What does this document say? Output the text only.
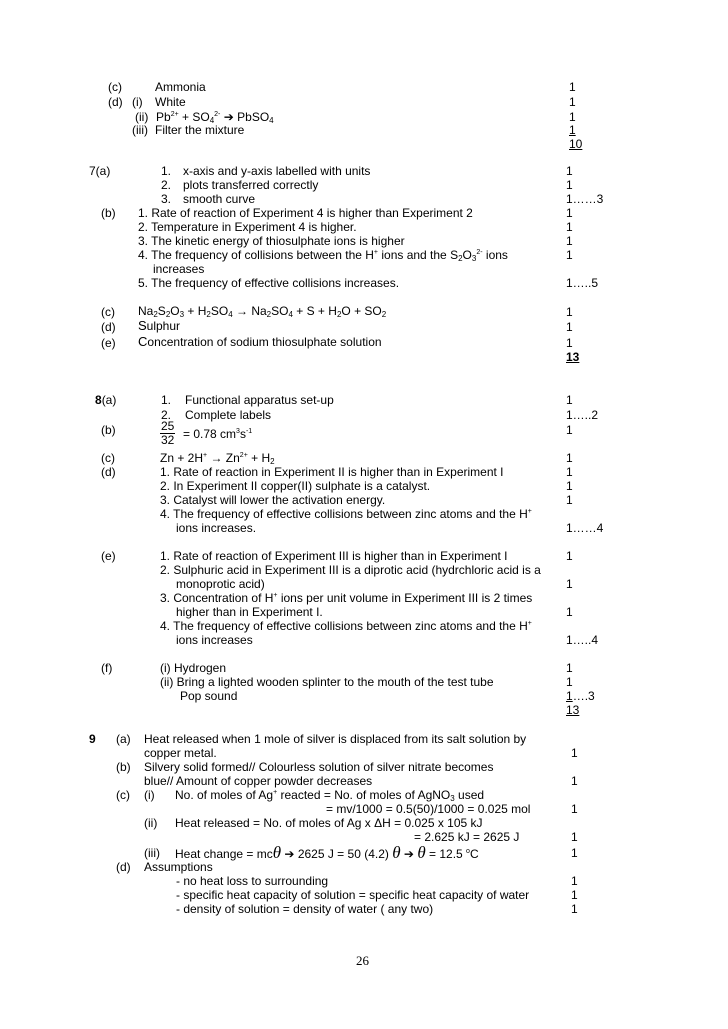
(c)	Ammonia	1
(d) (i) White	1
(ii) $Pb^{2+} + SO_4^{2-}$ ➔ PbSO$_4$	1
(iii) Filter the mixture	1
10
7(a)	1. x-axis and y-axis labelled with units	1
2. plots transferred correctly	1
3. smooth curve	1……3
(b) 1. Rate of reaction of Experiment 4 is higher than Experiment 2	1
2. Temperature in Experiment 4 is higher.	1
3. The kinetic energy of thiosulphate ions is higher	1
4. The frequency of collisions between the H+ ions and the $S_2O_3^{2-}$ ions	1
increases
5. The frequency of effective collisions increases.	1…..5
(c) $Na_2S_2O_3 + H_2SO_4 \to Na_2SO_4 + S + H_2O + SO_2$	1
(d) Sulphur	1
(e) Concentration of sodium thiosulphate solution	1
13
8(a)	1. Functional apparatus set-up	1
2. Complete labels	1…..2
(b)	$\frac{25}{32} = 0.78$ $cm^3s^{-1}$	1
(c)	$Zn + 2H^+ \to Zn^{2+} + H_2$	1
(d)	1. Rate of reaction in Experiment II is higher than in Experiment I	1
2. In Experiment II copper(II) sulphate is a catalyst.	1
3. Catalyst will lower the activation energy.	1
4. The frequency of effective collisions between zinc atoms and the H+
ions increases.	1……4
(e)	1. Rate of reaction of Experiment III is higher than in Experiment I	1
2. Sulphuric acid in Experiment III is a diprotic acid (hydrchloric acid is a
monoprotic acid)	1
3. Concentration of H+ ions per unit volume in Experiment III is 2 times
higher than in Experiment I.	1
4. The frequency of effective collisions between zinc atoms and the H+
ions increases	1…..4
(f)	(i) Hydrogen	1
(ii) Bring a lighted wooden splinter to the mouth of the test tube	1
Pop sound	1….3
13
9 (a) Heat released when 1 mole of silver is displaced from its salt solution by
copper metal.	1
(b) Silvery solid formed// Colourless solution of silver nitrate becomes
blue// Amount of copper powder decreases	1
(c) (i) No. of moles of Ag+ reacted = No. of moles of AgNO$_3$ used
= mv/1000 = 0.5(50)/1000 = 0.025 mol	1
(ii) Heat released = No. of moles of Ag x ΔH = 0.025 x 105 kJ
= 2.625 kJ = 2625 J	1
(iii) Heat change = mcθ ➔ 2625 J = 50 (4.2) θ ➔ θ = 12.5 $^o$C	1
(d) Assumptions
- no heat loss to surrounding	1
- specific heat capacity of solution = specific heat capacity of water	1
- density of solution = density of water ( any two)	1
26
